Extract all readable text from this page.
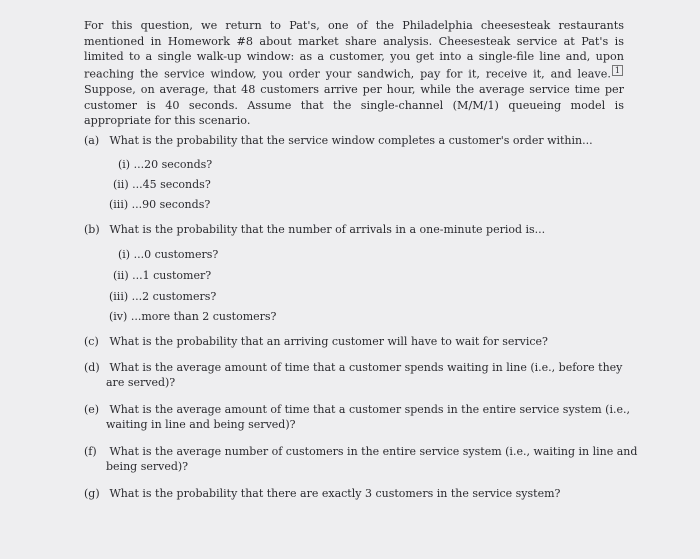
For this question, we return to Pat's, one of the Philadelphia cheesesteak restaurants mentioned in Homework #8 about market share analysis. Cheesesteak service at Pat's is limited to a single walk-up window: as a customer, you get into a single-file line and, upon reaching the service window, you order your sandwich, pay for it, receive it, and leave. 1 Suppose, on average, that 48 customers arrive per hour, while the average service time per customer is 40 seconds. Assume that the single-channel (M/M/1) queueing model is appropriate for this scenario.
(a) What is the probability that the service window completes a customer's order within...
(i) ...20 seconds?
(ii) ...45 seconds?
(iii) ...90 seconds?
(b) What is the probability that the number of arrivals in a one-minute period is...
(i) ...0 customers?
(ii) ...1 customer?
(iii) ...2 customers?
(iv) ...more than 2 customers?
(c) What is the probability that an arriving customer will have to wait for service?
(d) What is the average amount of time that a customer spends waiting in line (i.e., before they
are served)?
(e) What is the average amount of time that a customer spends in the entire service system (i.e.,
waiting in line and being served)?
(f) What is the average number of customers in the entire service system (i.e., waiting in line and
being served)?
(g) What is the probability that there are exactly 3 customers in the service system?
